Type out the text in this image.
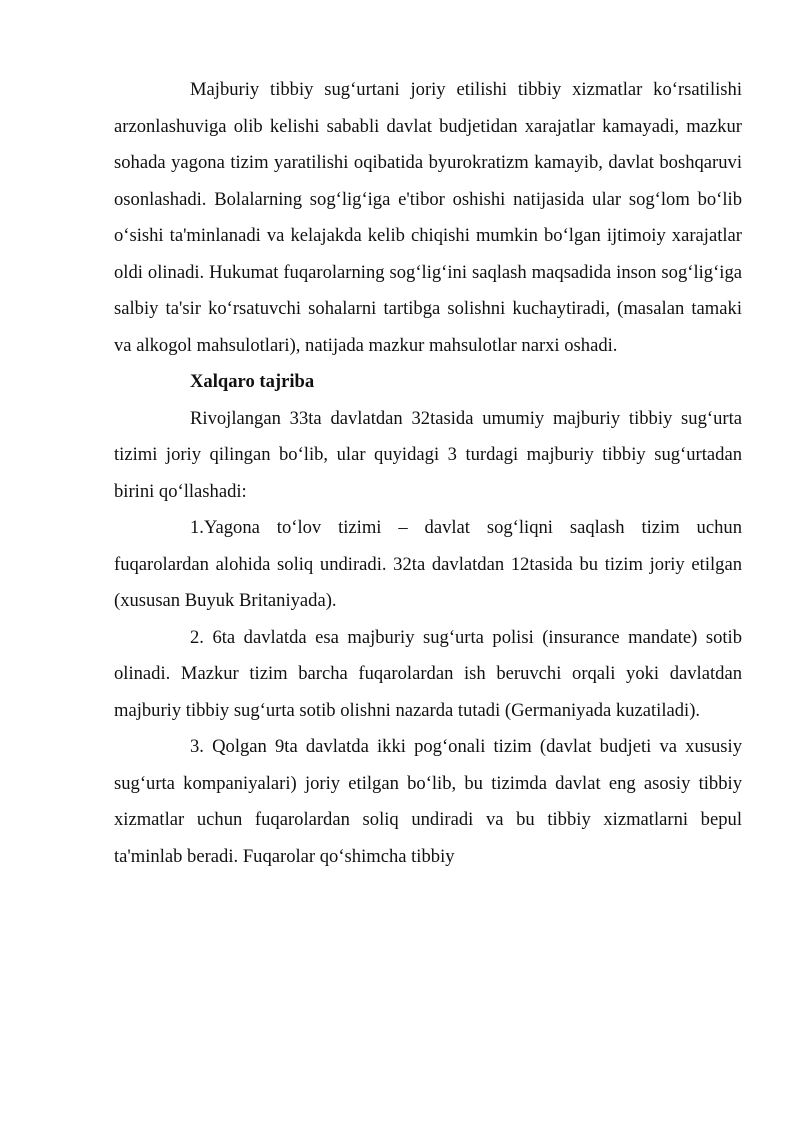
Majburiy tibbiy sug‘urtani joriy etilishi tibbiy xizmatlar ko‘rsatilishi arzonlashuviga olib kelishi sababli davlat budjetidan xarajatlar kamayadi, mazkur sohada yagona tizim yaratilishi oqibatida byurokratizm kamayib, davlat boshqaruvi osonlashadi. Bolalarning sog‘lig‘iga e'tibor oshishi natijasida ular sog‘lom bo‘lib o‘sishi ta'minlanadi va kelajakda kelib chiqishi mumkin bo‘lgan ijtimoiy xarajatlar oldi olinadi. Hukumat fuqarolarning sog‘lig‘ini saqlash maqsadida inson sog‘lig‘iga salbiy ta'sir ko‘rsatuvchi sohalarni tartibga solishni kuchaytiradi, (masalan tamaki va alkogol mahsulotlari), natijada mazkur mahsulotlar narxi oshadi.

Xalqaro tajriba

Rivojlangan 33ta davlatdan 32tasida umumiy majburiy tibbiy sug‘urta tizimi joriy qilingan bo‘lib, ular quyidagi 3 turdagi majburiy tibbiy sug‘urtadan birini qo‘llashadi:

1.Yagona to‘lov tizimi – davlat sog‘liqni saqlash tizim uchun fuqarolardan alohida soliq undiradi. 32ta davlatdan 12tasida bu tizim joriy etilgan (xususan Buyuk Britaniyada).

2. 6ta davlatda esa majburiy sug‘urta polisi (insurance mandate) sotib olinadi. Mazkur tizim barcha fuqarolardan ish beruvchi orqali yoki davlatdan majburiy tibbiy sug‘urta sotib olishni nazarda tutadi (Germaniyada kuzatiladi).

3. Qolgan 9ta davlatda ikki pog‘onali tizim (davlat budjeti va xususiy sug‘urta kompaniyalari) joriy etilgan bo‘lib, bu tizimda davlat eng asosiy tibbiy xizmatlar uchun fuqarolardan soliq undiradi va bu tibbiy xizmatlarni bepul ta'minlab beradi. Fuqarolar qo‘shimcha tibbiy
